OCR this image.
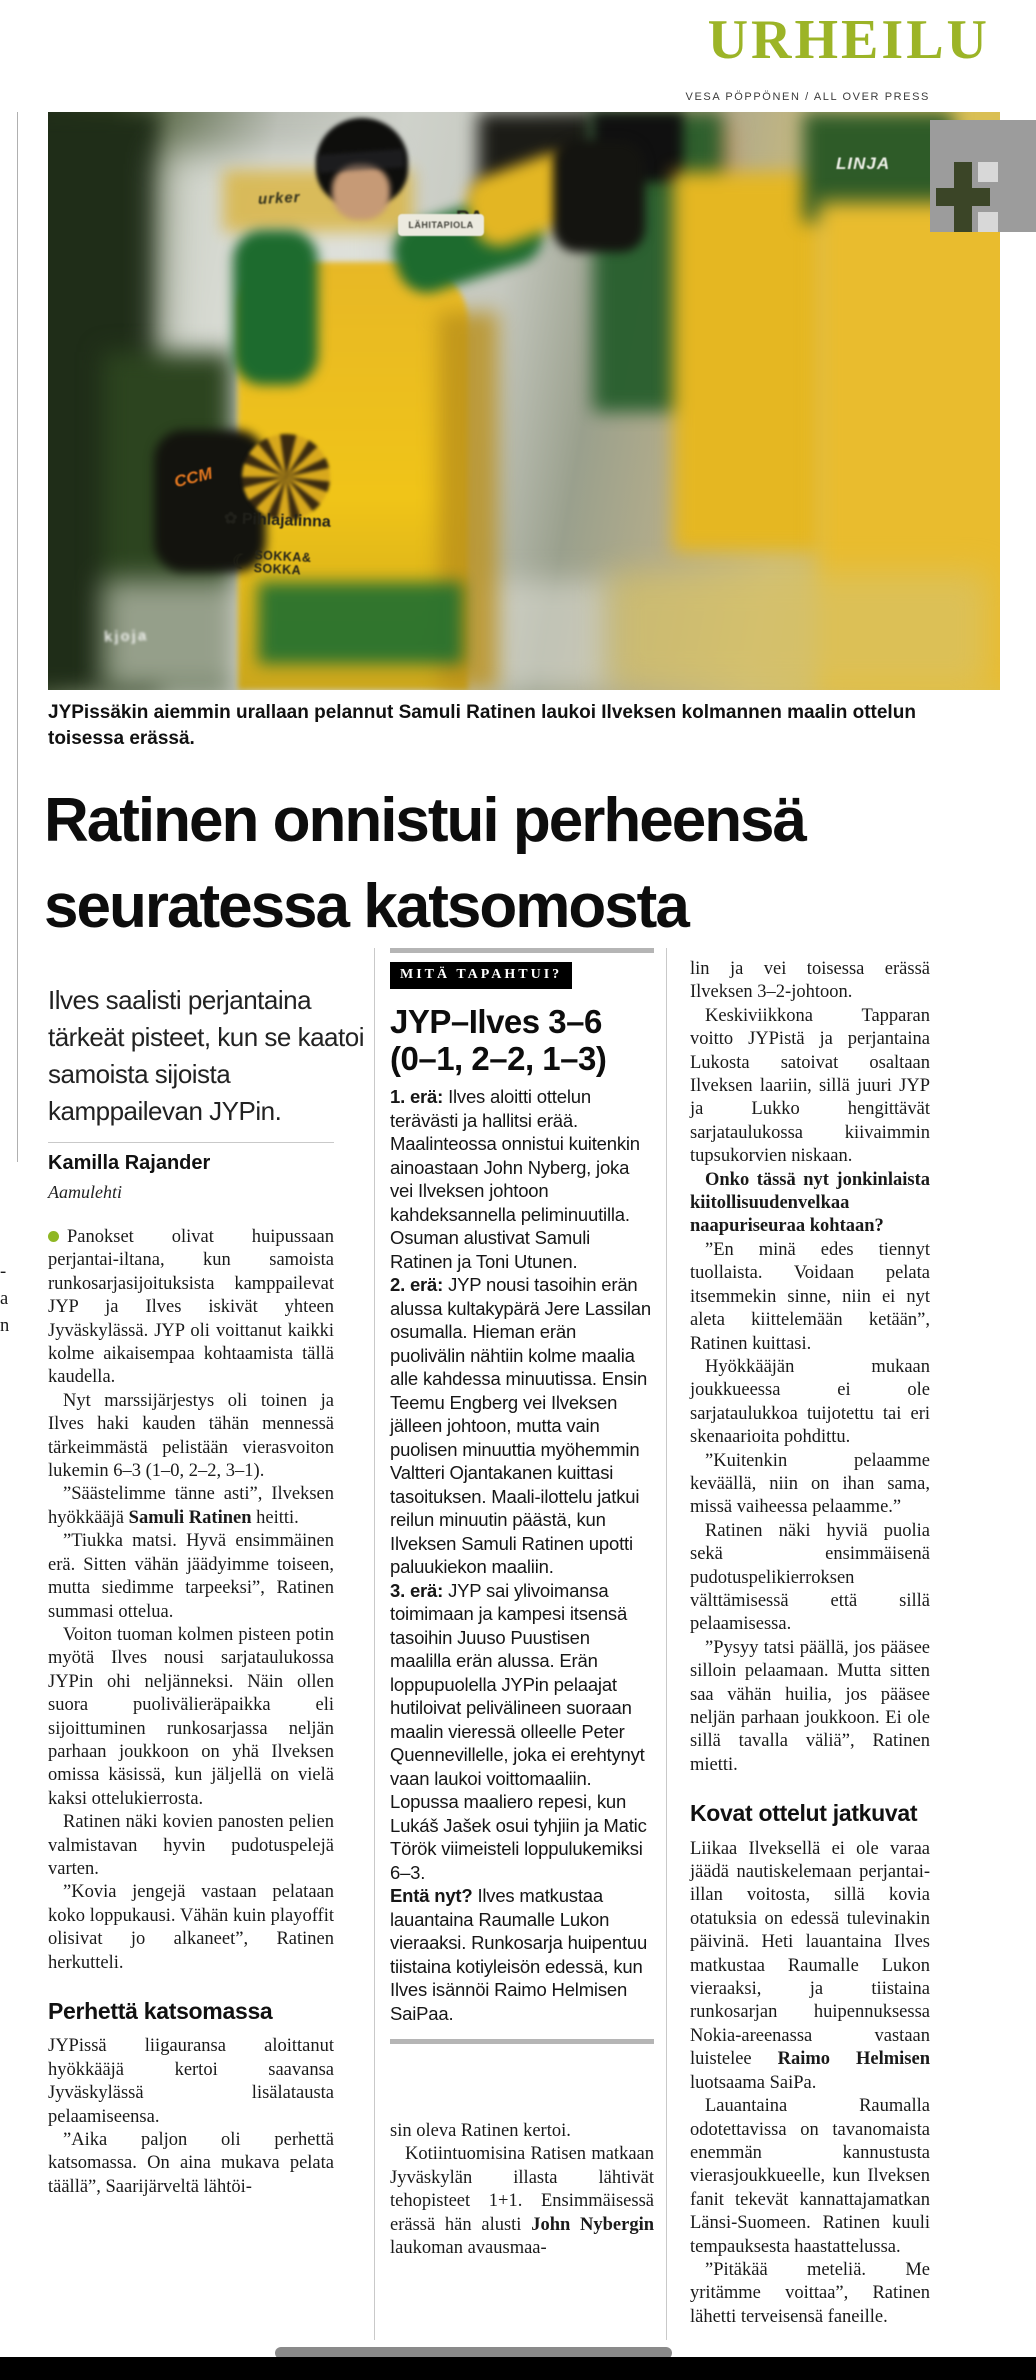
-
a
n
URHEILU
VESA PÖPPÖNEN / ALL OVER PRESS
urker
LÄHITAPIOLA
LINJA
CCM
✿ Pihlajalinna
☾ SOKKA&
SOKKA
kjoja
JYPissäkin aiemmin urallaan pelannut Samuli Ratinen laukoi Ilveksen kolmannen maalin ottelun toisessa erässä.
Ratinen onnistui perheensä
seuratessa katsomosta
Ilves saalisti perjantaina tärkeät pisteet, kun se kaatoi samoista sijoista kamppailevan JYPin.
Kamilla Rajander
Aamulehti

Panokset olivat huipussaan perjantai-iltana, kun samoista runkosarjasijoituksista kamppailevat JYP ja Ilves iskivät yhteen Jyväskylässä. JYP oli voittanut kaikki kolme aikaisempaa kohtaamista tällä kaudella.

Nyt marssijärjestys oli toinen ja Ilves haki kauden tähän mennessä tärkeimmästä pelistään vierasvoiton lukemin 6–3 (1–0, 2–2, 3–1).

”Säästelimme tänne asti”, Ilveksen hyökkääjä Samuli Ratinen heitti.

”Tiukka matsi. Hyvä ensimmäinen erä. Sitten vähän jäädyimme toiseen, mutta siedimme tarpeeksi”, Ratinen summasi ottelua.

Voiton tuoman kolmen pisteen potin myötä Ilves nousi sarjataulukossa JYPin ohi neljänneksi. Näin ollen suora puolivälieräpaikka eli sijoittuminen runkosarjassa neljän parhaan joukkoon on yhä Ilveksen omissa käsissä, kun jäljellä on vielä kaksi ottelukierrosta.

Ratinen näki kovien panosten pelien valmistavan hyvin pudotuspelejä varten.

”Kovia jengejä vastaan pelataan koko loppukausi. Vähän kuin playoffit olisivat jo alkaneet”, Ratinen herkutteli.

Perhettä katsomassa

JYPissä liigauransa aloittanut hyökkääjä kertoi saavansa Jyväskylässä lisälatausta pelaamiseensa.

”Aika paljon oli perhettä katsomassa. On aina mukava pelata täällä”, Saarijärveltä lähtöi-

MITÄ TAPAHTUI?
JYP–Ilves 3–6
(0–1, 2–2, 1–3)

1. erä: Ilves aloitti ottelun terävästi ja hallitsi erää. Maalinteossa onnistui kuitenkin ainoastaan John Nyberg, joka vei Ilveksen johtoon kahdeksannella peliminuutilla. Osuman alustivat Samuli Ratinen ja Toni Utunen.

2. erä: JYP nousi tasoihin erän alussa kultakypärä Jere Lassilan osumalla. Hieman erän puolivälin nähtiin kolme maalia alle kahdessa minuutissa. Ensin Teemu Engberg vei Ilveksen jälleen johtoon, mutta vain puolisen minuuttia myöhemmin Valtteri Ojantakanen kuittasi tasoituksen. Maali-ilottelu jatkui reilun minuutin päästä, kun Ilveksen Samuli Ratinen upotti paluukiekon maaliin.

3. erä: JYP sai ylivoimansa toimimaan ja kampesi itsensä tasoihin Juuso Puustisen maalilla erän alussa. Erän loppupuolella JYPin pelaajat hutiloivat pelivälineen suoraan maalin vieressä olleelle Peter Quennevillelle, joka ei erehtynyt vaan laukoi voittomaaliin. Lopussa maaliero repesi, kun Lukáš Jašek osui tyhjiin ja Matic Török viimeisteli loppulukemiksi 6–3.

Entä nyt? Ilves matkustaa lauantaina Raumalle Lukon vieraaksi. Runkosarja huipentuu tiistaina kotiyleisön edessä, kun Ilves isännöi Raimo Helmisen SaiPaa.

sin oleva Ratinen kertoi.

Kotiintuomisina Ratisen matkaan Jyväskylän illasta lähtivät tehopisteet 1+1. Ensimmäisessä erässä hän alusti John Nybergin laukoman avausmaa-

lin ja vei toisessa erässä Ilveksen 3–2-johtoon.

Keskiviikkona Tapparan voitto JYPistä ja perjantaina Lukosta satoivat osaltaan Ilveksen laariin, sillä juuri JYP ja Lukko hengittävät sarjataulukossa kiivaimmin tupsukorvien niskaan.

Onko tässä nyt jonkinlaista kiitollisuudenvelkaa naapuriseuraa kohtaan?

”En minä edes tiennyt tuollaista. Voidaan pelata itsemmekin sinne, niin ei nyt aleta kiittelemään ketään”, Ratinen kuittasi.

Hyökkääjän mukaan joukkueessa ei ole sarjataulukkoa tuijotettu tai eri skenaarioita pohdittu.

”Kuitenkin pelaamme keväällä, niin on ihan sama, missä vaiheessa pelaamme.”

Ratinen näki hyviä puolia sekä ensimmäisenä pudotuspelikierroksen välttämisessä että sillä pelaamisessa.

”Pysyy tatsi päällä, jos pääsee silloin pelaamaan. Mutta sitten saa vähän huilia, jos pääsee neljän parhaan joukkoon. Ei ole sillä tavalla väliä”, Ratinen mietti.

Kovat ottelut jatkuvat

Liikaa Ilveksellä ei ole varaa jäädä nautiskelemaan perjantai-illan voitosta, sillä kovia otatuksia on edessä tulevinakin päivinä. Heti lauantaina Ilves matkustaa Raumalle Lukon vieraaksi, ja tiistaina runkosarjan huipennuksessa Nokia-areenassa vastaan luistelee Raimo Helmisen luotsaama SaiPa.

Lauantaina Raumalla odotettavissa on tavanomaista enemmän kannustusta vierasjoukkueelle, kun Ilveksen fanit tekevät kannattajamatkan Länsi-Suomeen. Ratinen kuuli tempauksesta haastattelussa.

”Pitäkää meteliä. Me yritämme voittaa”, Ratinen lähetti terveisensä faneille.
